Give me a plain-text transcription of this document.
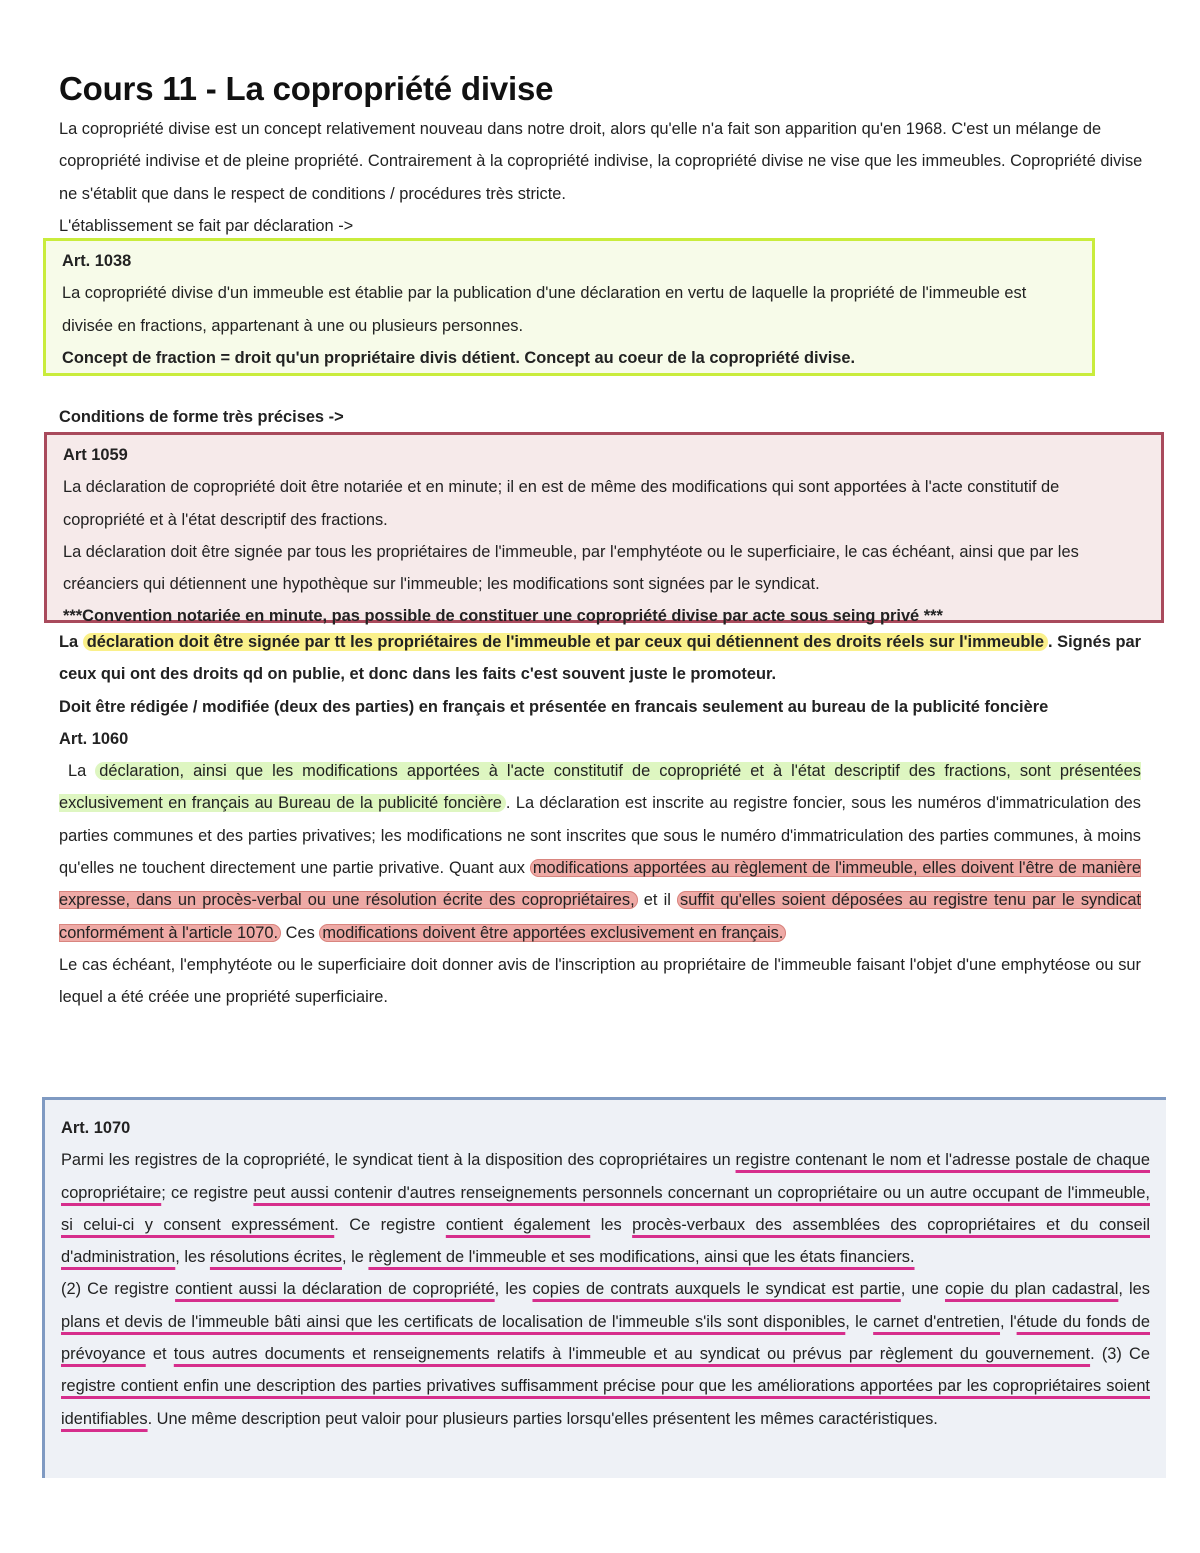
Cours 11 - La copropriété divise

La copropriété divise est un concept relativement nouveau dans notre droit, alors qu'elle n'a fait son apparition qu'en 1968. C'est un mélange de copropriété indivise et de pleine propriété. Contrairement à la copropriété indivise, la copropriété divise ne vise que les immeubles. Copropriété divise ne s'établit que dans le respect de conditions / procédures très stricte.

L'établissement se fait par déclaration ->

Art. 1038

La copropriété divise d'un immeuble est établie par la publication d'une déclaration en vertu de laquelle la propriété de l'immeuble est divisée en fractions, appartenant à une ou plusieurs personnes.

Concept de fraction = droit qu'un propriétaire divis détient. Concept au coeur de la copropriété divise.

Conditions de forme très précises ->

Art 1059

La déclaration de copropriété doit être notariée et en minute; il en est de même des modifications qui sont apportées à l'acte constitutif de copropriété et à l'état descriptif des fractions.

La déclaration doit être signée par tous les propriétaires de l'immeuble, par l'emphytéote ou le superficiaire, le cas échéant, ainsi que par les créanciers qui détiennent une hypothèque sur l'immeuble; les modifications sont signées par le syndicat.

***Convention notariée en minute, pas possible de constituer une copropriété divise par acte sous seing privé ***

La déclaration doit être signée par tt les propriétaires de l'immeuble et par ceux qui détiennent des droits réels sur l'immeuble . Signés par ceux qui ont des droits qd on publie, et donc dans les faits c'est souvent juste le promoteur.

Doit être rédigée / modifiée (deux des parties) en français et présentée en francais seulement au bureau de la publicité foncière

Art. 1060

La déclaration, ainsi que les modifications apportées à l'acte constitutif de copropriété et à l'état descriptif des fractions, sont présentées exclusivement en français au Bureau de la publicité foncière . La déclaration est inscrite au registre foncier, sous les numéros d'immatriculation des parties communes et des parties privatives; les modifications ne sont inscrites que sous le numéro d'immatriculation des parties communes, à moins qu'elles ne touchent directement une partie privative. Quant aux modifications apportées au règlement de l'immeuble, elles doivent l'être de manière expresse, dans un procès-verbal ou une résolution écrite des copropriétaires, et il suffit qu'elles soient déposées au registre tenu par le syndicat conformément à l'article 1070. Ces modifications doivent être apportées exclusivement en français.

Le cas échéant, l'emphytéote ou le superficiaire doit donner avis de l'inscription au propriétaire de l'immeuble faisant l'objet d'une emphytéose ou sur lequel a été créée une propriété superficiaire.

Art. 1070

Parmi les registres de la copropriété, le syndicat tient à la disposition des copropriétaires un registre contenant le nom et l'adresse postale de chaque copropriétaire; ce registre peut aussi contenir d'autres renseignements personnels concernant un copropriétaire ou un autre occupant de l'immeuble, si celui-ci y consent expressément. Ce registre contient également les procès-verbaux des assemblées des copropriétaires et du conseil d'administration, les résolutions écrites, le règlement de l'immeuble et ses modifications, ainsi que les états financiers.

(2) Ce registre contient aussi la déclaration de copropriété, les copies de contrats auxquels le syndicat est partie, une copie du plan cadastral, les plans et devis de l'immeuble bâti ainsi que les certificats de localisation de l'immeuble s'ils sont disponibles, le carnet d'entretien, l'étude du fonds de prévoyance et tous autres documents et renseignements relatifs à l'immeuble et au syndicat ou prévus par règlement du gouvernement. (3) Ce registre contient enfin une description des parties privatives suffisamment précise pour que les améliorations apportées par les copropriétaires soient identifiables. Une même description peut valoir pour plusieurs parties lorsqu'elles présentent les mêmes caractéristiques.
